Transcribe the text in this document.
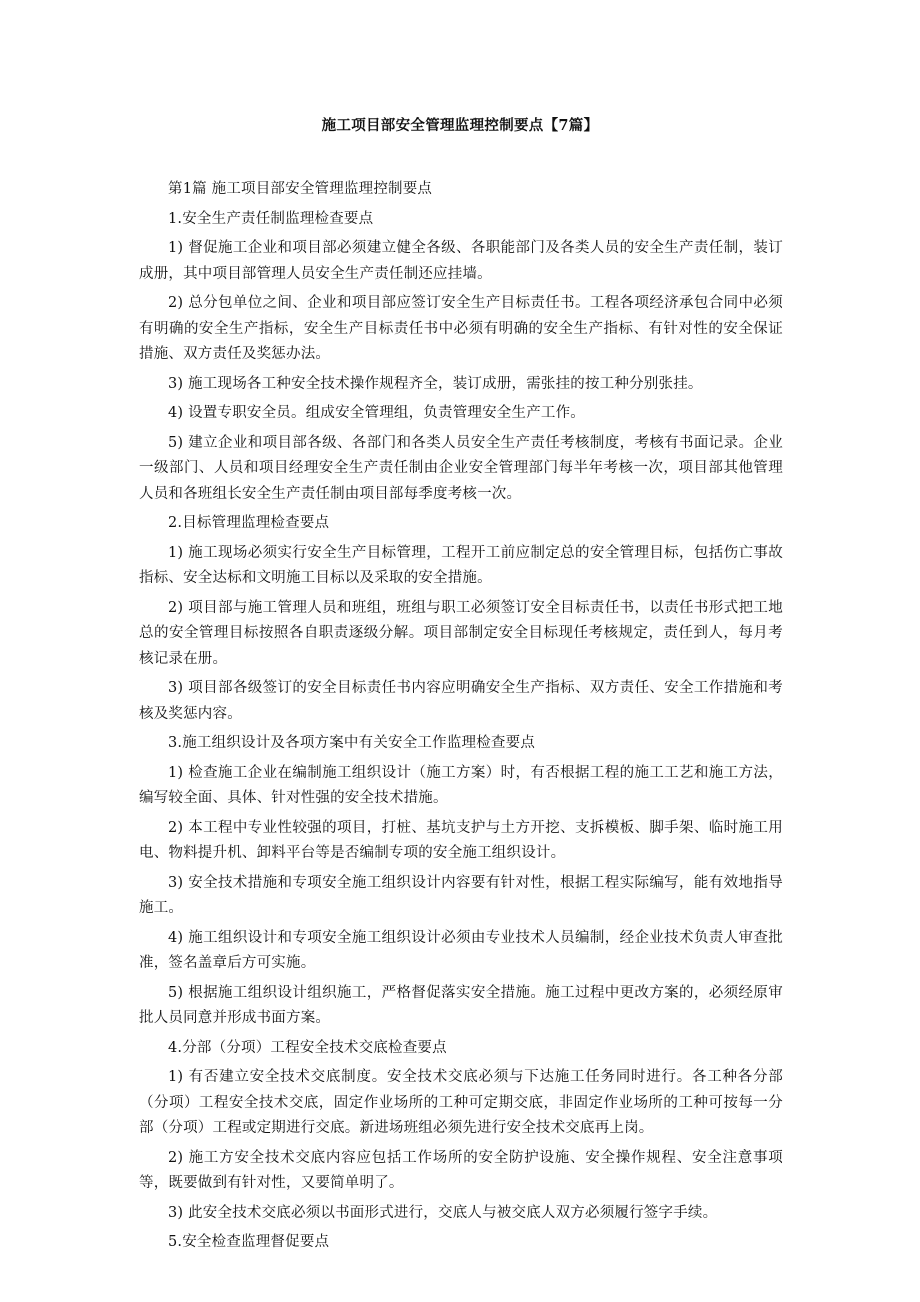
施工项目部安全管理监理控制要点【7篇】

第1篇 施工项目部安全管理监理控制要点

1.安全生产责任制监理检查要点

1) 督促施工企业和项目部必须建立健全各级、各职能部门及各类人员的安全生产责任制，装订成册，其中项目部管理人员安全生产责任制还应挂墙。

2) 总分包单位之间、企业和项目部应签订安全生产目标责任书。工程各项经济承包合同中必须有明确的安全生产指标，安全生产目标责任书中必须有明确的安全生产指标、有针对性的安全保证措施、双方责任及奖惩办法。

3) 施工现场各工种安全技术操作规程齐全，装订成册，需张挂的按工种分别张挂。

4) 设置专职安全员。组成安全管理组，负责管理安全生产工作。

5) 建立企业和项目部各级、各部门和各类人员安全生产责任考核制度，考核有书面记录。企业一级部门、人员和项目经理安全生产责任制由企业安全管理部门每半年考核一次，项目部其他管理人员和各班组长安全生产责任制由项目部每季度考核一次。

2.目标管理监理检查要点

1) 施工现场必须实行安全生产目标管理，工程开工前应制定总的安全管理目标，包括伤亡事故指标、安全达标和文明施工目标以及采取的安全措施。

2) 项目部与施工管理人员和班组，班组与职工必须签订安全目标责任书，以责任书形式把工地总的安全管理目标按照各自职责逐级分解。项目部制定安全目标现任考核规定，责任到人，每月考核记录在册。

3) 项目部各级签订的安全目标责任书内容应明确安全生产指标、双方责任、安全工作措施和考核及奖惩内容。

3.施工组织设计及各项方案中有关安全工作监理检查要点

1) 检查施工企业在编制施工组织设计（施工方案）时，有否根据工程的施工工艺和施工方法，编写较全面、具体、针对性强的安全技术措施。

2) 本工程中专业性较强的项目，打桩、基坑支护与土方开挖、支拆模板、脚手架、临时施工用电、物料提升机、卸料平台等是否编制专项的安全施工组织设计。

3) 安全技术措施和专项安全施工组织设计内容要有针对性，根据工程实际编写，能有效地指导施工。

4) 施工组织设计和专项安全施工组织设计必须由专业技术人员编制，经企业技术负责人审查批准，签名盖章后方可实施。

5) 根据施工组织设计组织施工，严格督促落实安全措施。施工过程中更改方案的，必须经原审批人员同意并形成书面方案。

4.分部（分项）工程安全技术交底检查要点

1) 有否建立安全技术交底制度。安全技术交底必须与下达施工任务同时进行。各工种各分部（分项）工程安全技术交底，固定作业场所的工种可定期交底，非固定作业场所的工种可按每一分部（分项）工程或定期进行交底。新进场班组必须先进行安全技术交底再上岗。

2) 施工方安全技术交底内容应包括工作场所的安全防护设施、安全操作规程、安全注意事项等，既要做到有针对性，又要简单明了。

3) 此安全技术交底必须以书面形式进行，交底人与被交底人双方必须履行签字手续。

5.安全检查监理督促要点
